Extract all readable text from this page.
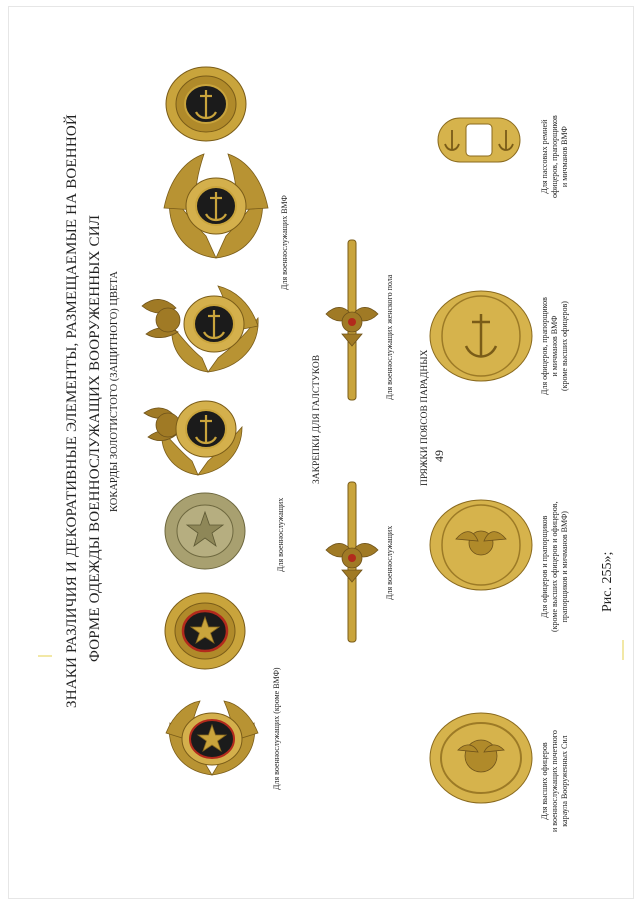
ЗНАКИ РАЗЛИЧИЯ И ДЕКОРАТИВНЫЕ ЭЛЕМЕНТЫ, РАЗМЕЩАЕМЫЕ НА ВОЕННОЙ ФОРМЕ ОДЕЖДЫ ВОЕННОСЛУЖАЩИХ ВООРУЖЕННЫХ СИЛ КОКАРДЫ ЗОЛОТИСТОГО (ЗАЩИТНОГО) ЦВЕТА	49
ЗАКРЕПКИ ДЛЯ ГАЛСТУКОВ	ПРЯЖКИ ПОЯСОВ ПАРАДНЫХ
Рис. 255»;
Для военнослужащих (кроме ВМФ)
Для военнослужащих
Для военнослужащих ВМФ
Для военнослужащих
Для военнослужащих женского пола
Для высших офицеров и военнослужащих почетного караула Вооруженных Сил
Для офицеров и прапорщиков (кроме высших офицеров и офицеров, прапорщиков и мичманов ВМФ)
Для офицеров, прапорщиков и мичманов ВМФ (кроме высших офицеров)
Для пассовых ремней офицеров, прапорщиков и мичманов ВМФ
